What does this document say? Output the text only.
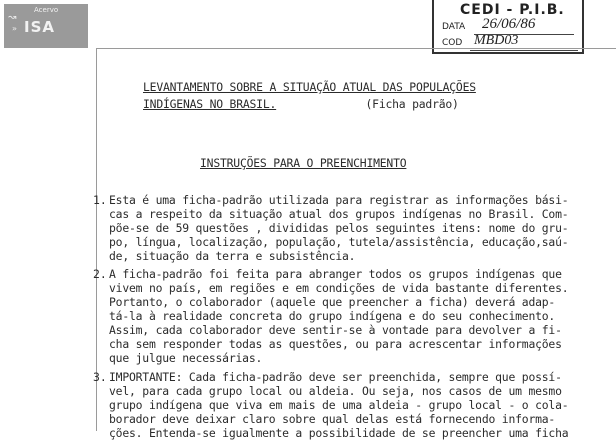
↝
»
Acervo
ISA
CEDI - P.I.B.
DATA 26/06/86
COD MBD03
LEVANTAMENTO SOBRE A SITUAÇÃO ATUAL DAS POPULAÇÕES
INDÍGENAS NO BRASIL.	(Ficha padrão)
INSTRUÇÕES PARA O PREENCHIMENTO
1. Esta é uma ficha-padrão utilizada para registrar as informações bási-
cas a respeito da situação atual dos grupos indígenas no Brasil. Com-
põe-se de 59 questões , divididas pelos seguintes itens: nome do gru-
po, língua, localização, população, tutela/assistência, educação,saú-
de, situação da terra e subsistência.
2. A ficha-padrão foi feita para abranger todos os grupos indígenas que
vivem no país, em regiões e em condições de vida bastante diferentes.
Portanto, o colaborador (aquele que preencher a ficha) deverá adap-
tá-la à realidade concreta do grupo indígena e do seu conhecimento.
Assim, cada colaborador deve sentir-se à vontade para devolver a fi-
cha sem responder todas as questões, ou para acrescentar informações
que julgue necessárias.
3. IMPORTANTE: Cada ficha-padrão deve ser preenchida, sempre que possí-
vel, para cada grupo local ou aldeia. Ou seja, nos casos de um mesmo
grupo indígena que viva em mais de uma aldeia - grupo local - o cola-
borador deve deixar claro sobre qual delas está fornecendo informa-
ções. Entenda-se igualmente a possibilidade de se preencher uma ficha
